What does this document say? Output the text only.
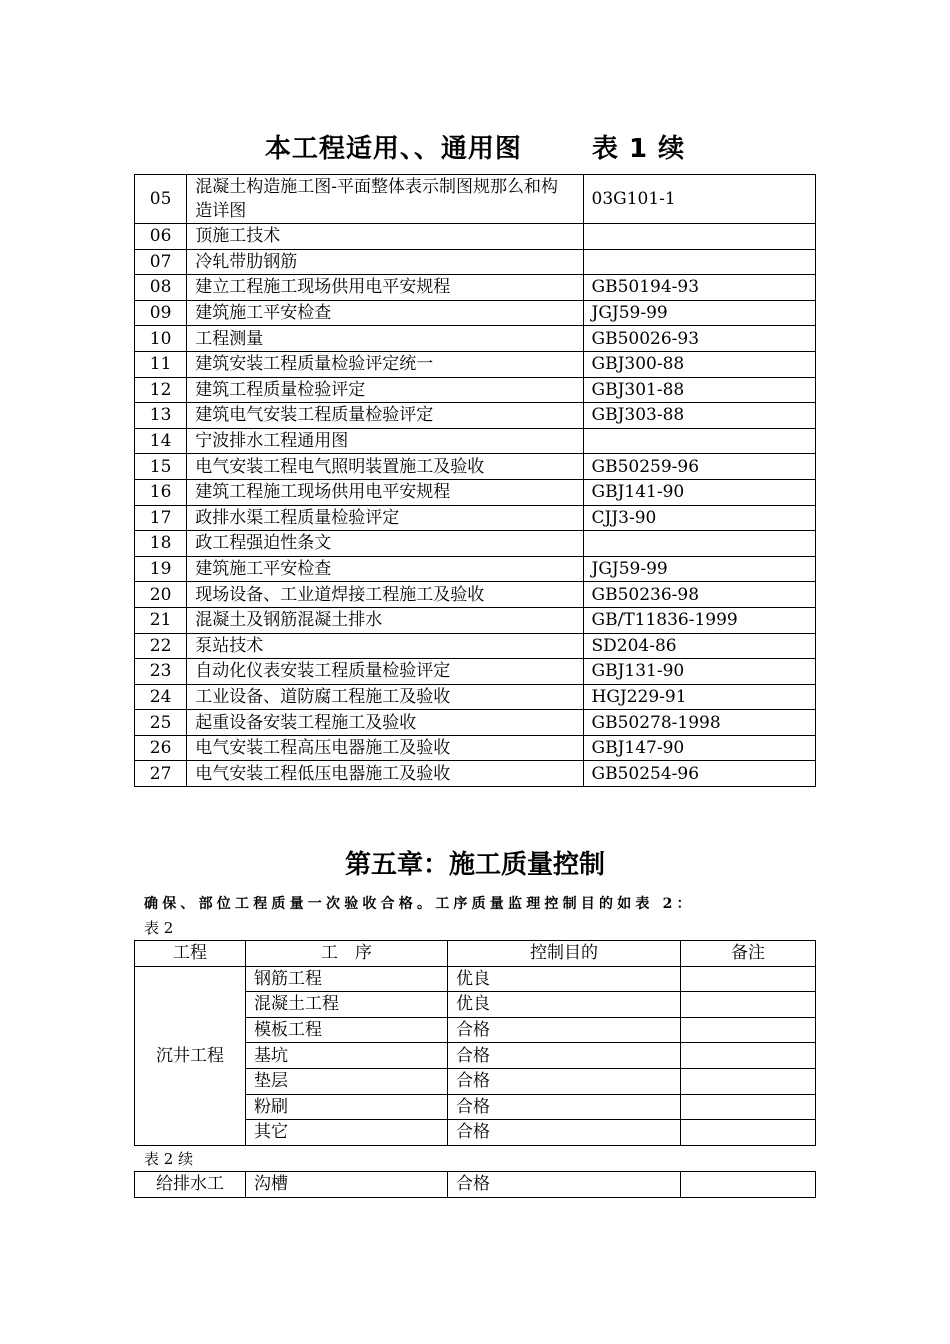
本工程适用、、通用图	表 1 续
05	混凝土构造施工图-平面整体表示制图规那么和构造详图	03G101-1
06	顶施工技术	
07	冷轧带肋钢筋	
08	建立工程施工现场供用电平安规程	GB50194-93
09	建筑施工平安检查	JGJ59-99
10	工程测量	GB50026-93
11	建筑安装工程质量检验评定统一	GBJ300-88
12	建筑工程质量检验评定	GBJ301-88
13	建筑电气安装工程质量检验评定	GBJ303-88
14	宁波排水工程通用图	
15	电气安装工程电气照明装置施工及验收	GB50259-96
16	建筑工程施工现场供用电平安规程	GBJ141-90
17	政排水渠工程质量检验评定	CJJ3-90
18	政工程强迫性条文	
19	建筑施工平安检查	JGJ59-99
20	现场设备、工业道焊接工程施工及验收	GB50236-98
21	混凝土及钢筋混凝土排水	GB/T11836-1999
22	泵站技术	SD204-86
23	自动化仪表安装工程质量检验评定	GBJ131-90
24	工业设备、道防腐工程施工及验收	HGJ229-91
25	起重设备安装工程施工及验收	GB50278-1998
26	电气安装工程高压电器施工及验收	GBJ147-90
27	电气安装工程低压电器施工及验收	GB50254-96
第五章：施工质量控制
确保、部位工程质量一次验收合格。工序质量监理控制目的如表 2：
表 2
工程	工　序	控制目的	备注
沉井工程	钢筋工程	优良	
	混凝土工程	优良	
	模板工程	合格	
	基坑	合格	
	垫层	合格	
	粉刷	合格	
	其它	合格	
表 2 续
给排水工	沟槽	合格	
